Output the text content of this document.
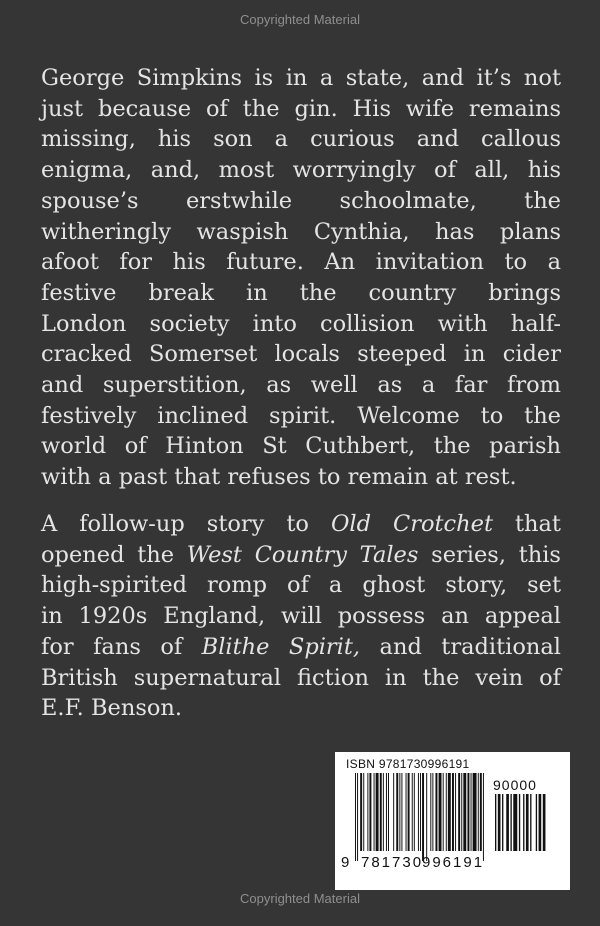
Copyrighted Material
George Simpkins is in a state, and it’s not
just because of the gin. His wife remains
missing, his son a curious and callous
enigma, and, most worryingly of all, his
spouse’s erstwhile schoolmate, the
witheringly waspish Cynthia, has plans
afoot for his future. An invitation to a
festive break in the country brings
London society into collision with half-
cracked Somerset locals steeped in cider
and superstition, as well as a far from
festively inclined spirit. Welcome to the
world of Hinton St Cuthbert, the parish
with a past that refuses to remain at rest.
A follow-up story to Old Crotchet that
opened the West Country Tales series, this
high-spirited romp of a ghost story, set
in 1920s England, will possess an appeal
for fans of Blithe Spirit, and traditional
British supernatural fiction in the vein of
E.F. Benson.
ISBN 9781730996191
90000
9 781730
996191
Copyrighted Material
